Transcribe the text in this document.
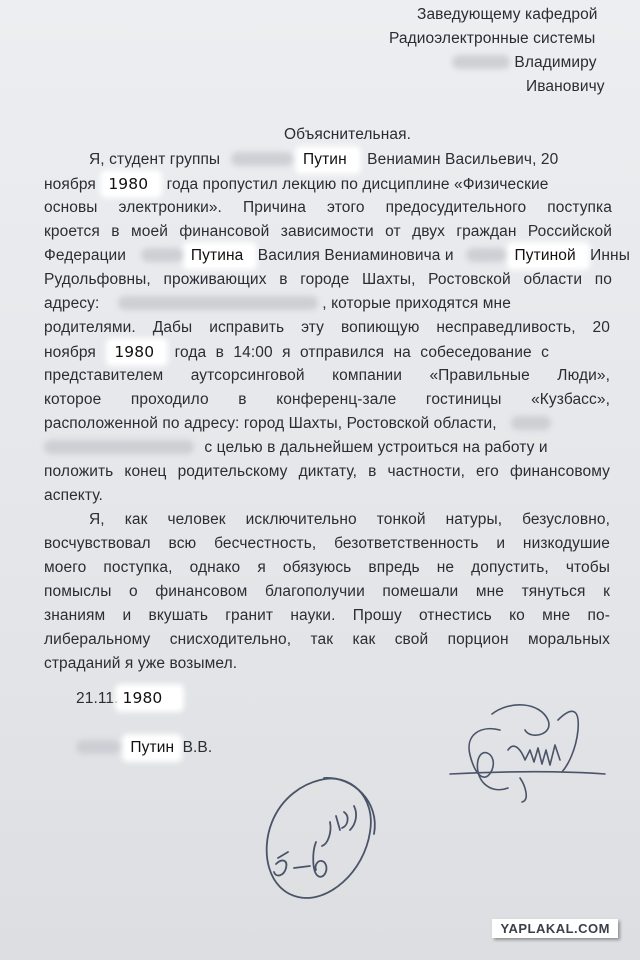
Заведующему кафедрой
Радиоэлектронные системы
Владимиру
Ивановичу
Объяснительная.
Я, студент группы	Путин Вениамин Васильевич, 20
ноября 1980 года пропустил лекцию по дисциплине «Физические
основы электроники». Причина этого предосудительного поступка
кроется в моей финансовой зависимости от двух граждан Российской
Федерации	Путина Василия Вениаминовича и	Путиной Инны
Рудольфовны, проживающих в городе Шахты, Ростовской области по
адресу:	, которые приходятся мне
родителями. Дабы исправить эту вопиющую несправедливость, 20
ноября 1980 года в 14:00 я отправился на собеседование с
представителем аутсорсинговой компании «Правильные Люди»,
которое проходило в конференц-зале гостиницы «Кузбасс»,
расположенной по адресу: город Шахты, Ростовской области,
с целью в дальнейшем устроиться на работу и
положить конец родительскому диктату, в частности, его финансовому
аспекту.
Я, как человек исключительно тонкой натуры, безусловно,
восчувствовал всю бесчестность, безответственность и низкодушие
моего поступка, однако я обязуюсь впредь не допустить, чтобы
помыслы о финансовом благополучии помешали мне тянуться к
знаниям и вкушать гранит науки. Прошу отнестись ко мне по-
либеральному снисходительно, так как свой порцион моральных
страданий я уже возымел.
21.11. 1980
Путин В.В.
YAPLAKAL.COM
